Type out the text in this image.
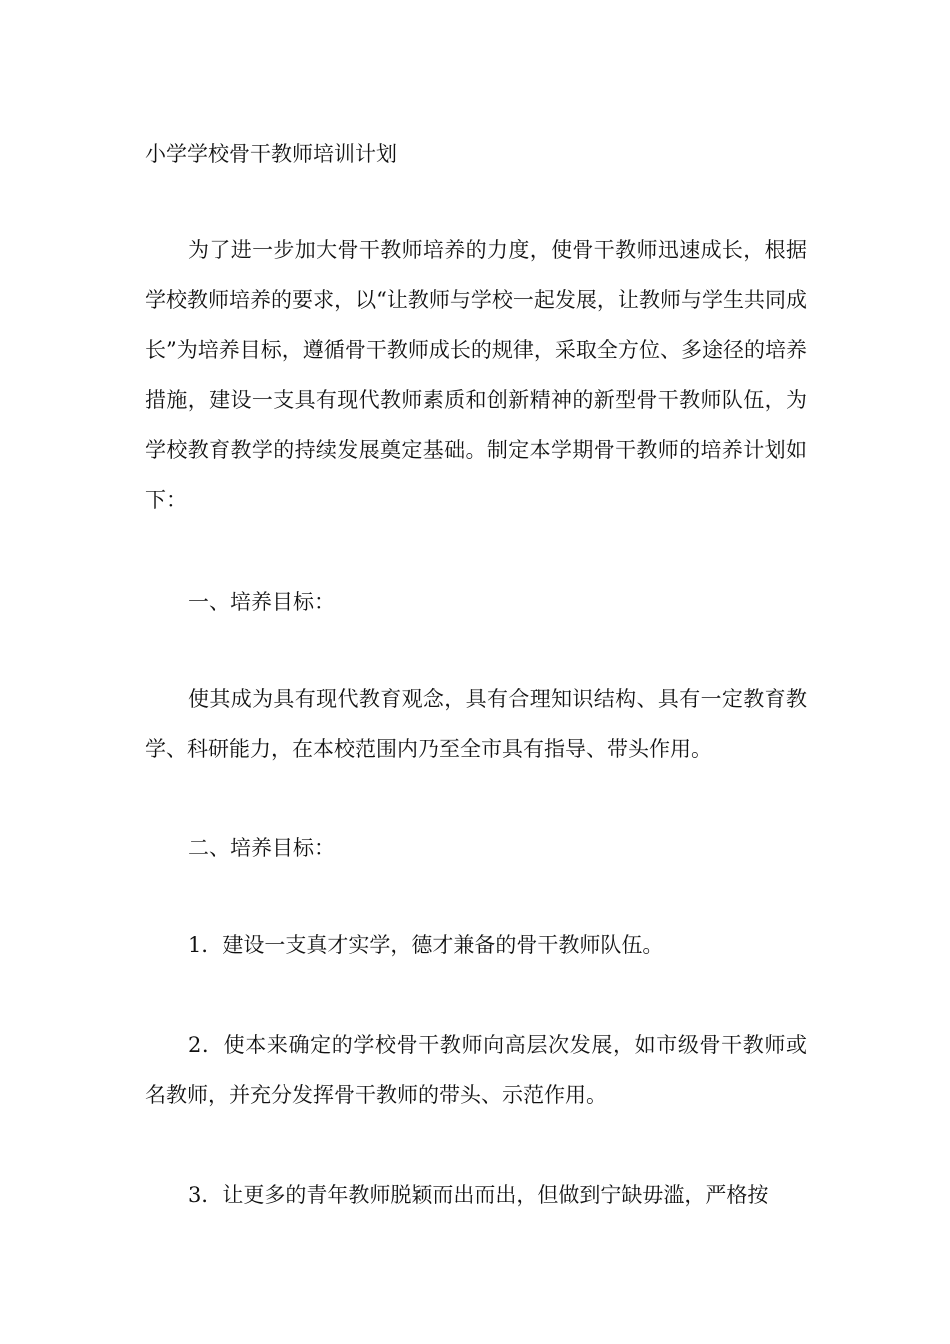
小学学校骨干教师培训计划

为了进一步加大骨干教师培养的力度，使骨干教师迅速成长，根据学校教师培养的要求，以“让教师与学校一起发展，让教师与学生共同成长”为培养目标，遵循骨干教师成长的规律，采取全方位、多途径的培养措施，建设一支具有现代教师素质和创新精神的新型骨干教师队伍，为学校教育教学的持续发展奠定基础。制定本学期骨干教师的培养计划如下：

一、培养目标：

使其成为具有现代教育观念，具有合理知识结构、具有一定教育教学、科研能力，在本校范围内乃至全市具有指导、带头作用。

二、培养目标：

1．建设一支真才实学，德才兼备的骨干教师队伍。

2．使本来确定的学校骨干教师向高层次发展，如市级骨干教师或名教师，并充分发挥骨干教师的带头、示范作用。

3．让更多的青年教师脱颖而出而出，但做到宁缺毋滥，严格按
